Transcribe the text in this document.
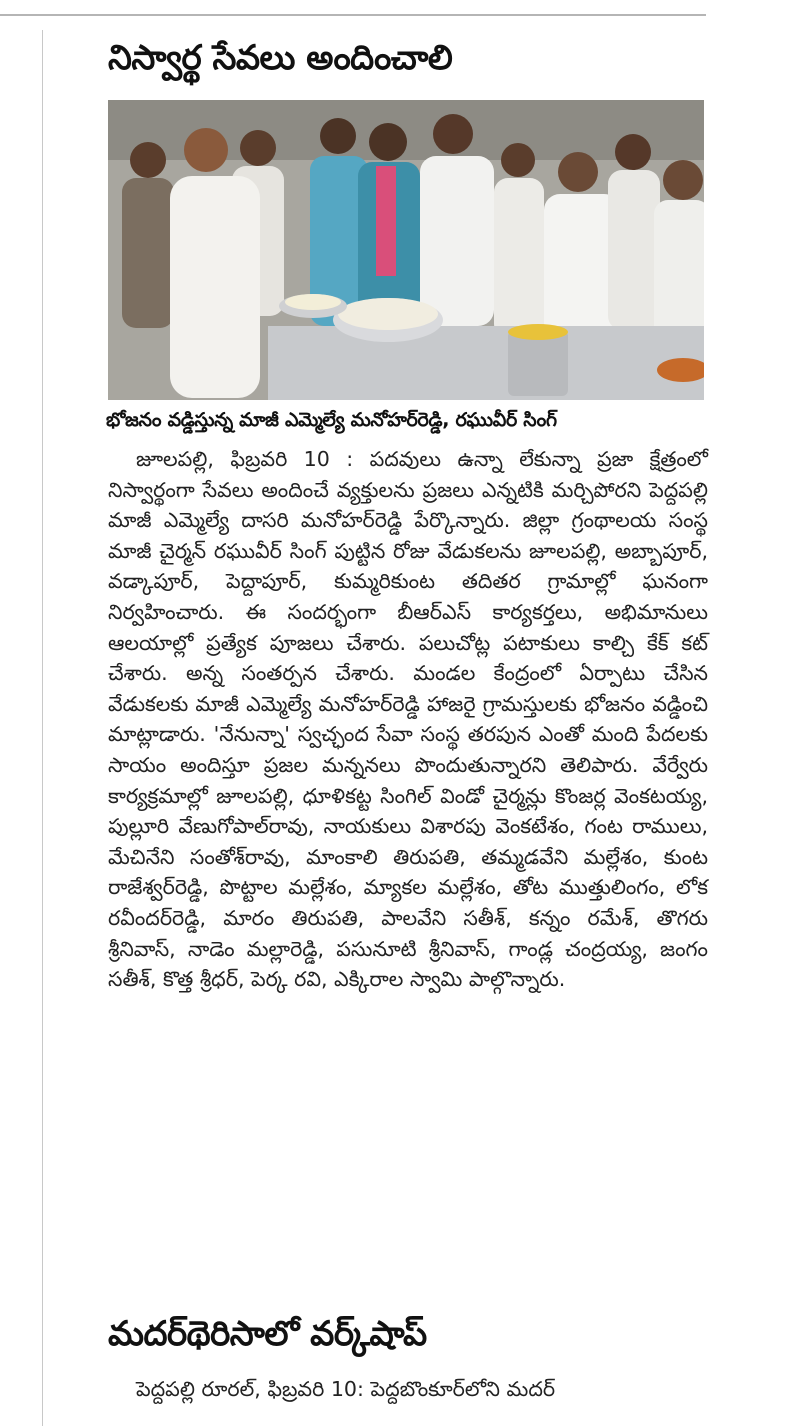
నిస్వార్థ సేవలు అందించాలి
భోజనం వడ్డిస్తున్న మాజీ ఎమ్మెల్యే మనోహర్‌రెడ్డి, రఘువీర్ సింగ్

జూలపల్లి, ఫిబ్రవరి 10 : పదవులు ఉన్నా లేకున్నా ప్రజా క్షేత్రంలో నిస్వార్థంగా సేవలు అందించే వ్యక్తులను ప్రజలు ఎన్నటికి మర్చిపోరని పెద్దపల్లి మాజీ ఎమ్మెల్యే దాసరి మనోహర్‌రెడ్డి పేర్కొన్నారు. జిల్లా గ్రంథాలయ సంస్థ మాజీ చైర్మన్ రఘువీర్ సింగ్ పుట్టిన రోజు వేడుకలను జూలపల్లి, అబ్బాపూర్, వడ్కాపూర్, పెద్దాపూర్, కుమ్మరికుంట తదితర గ్రామాల్లో ఘనంగా నిర్వహించారు. ఈ సందర్భంగా బీఆర్‌ఎస్ కార్యకర్తలు, అభిమానులు ఆలయాల్లో ప్రత్యేక పూజలు చేశారు. పలుచోట్ల పటాకులు కాల్చి కేక్ కట్ చేశారు. అన్న సంతర్పన చేశారు. మండల కేంద్రంలో ఏర్పాటు చేసిన వేడుకలకు మాజీ ఎమ్మెల్యే మనోహర్‌రెడ్డి హాజరై గ్రామస్తులకు భోజనం వడ్డించి మాట్లాడారు. 'నేనున్నా' స్వచ్ఛంద సేవా సంస్థ తరపున ఎంతో మంది పేదలకు సాయం అందిస్తూ ప్రజల మన్ననలు పొందుతున్నారని తెలిపారు. వేర్వేరు కార్యక్రమాల్లో జూలపల్లి, ధూళికట్ట సింగిల్ విండో చైర్మన్లు కొంజర్ల వెంకటయ్య, పుల్లూరి వేణుగోపాల్‌రావు, నాయకులు విశారపు వెంకటేశం, గంట రాములు, మేచినేని సంతోశ్‌రావు, మాంకాలి తిరుపతి, తమ్మడవేని మల్లేశం, కుంట రాజేశ్వర్‌రెడ్డి, పొట్టాల మల్లేశం, మ్యాకల మల్లేశం, తోట ముత్తులింగం, లోక రవీందర్‌రెడ్డి, మారం తిరుపతి, పాలవేని సతీశ్, కన్నం రమేశ్, తొగరు శ్రీనివాస్, నాడెం మల్లారెడ్డి, పసునూటి శ్రీనివాస్, గాండ్ల చంద్రయ్య, జంగం సతీశ్, కొత్త శ్రీధర్, పెర్క రవి, ఎక్కిరాల స్వామి పాల్గొన్నారు.

మదర్‌థెరిసాలో వర్క్‌షాప్

పెద్దపల్లి రూరల్, ఫిబ్రవరి 10: పెద్దబొంకూర్‌లోని మదర్
